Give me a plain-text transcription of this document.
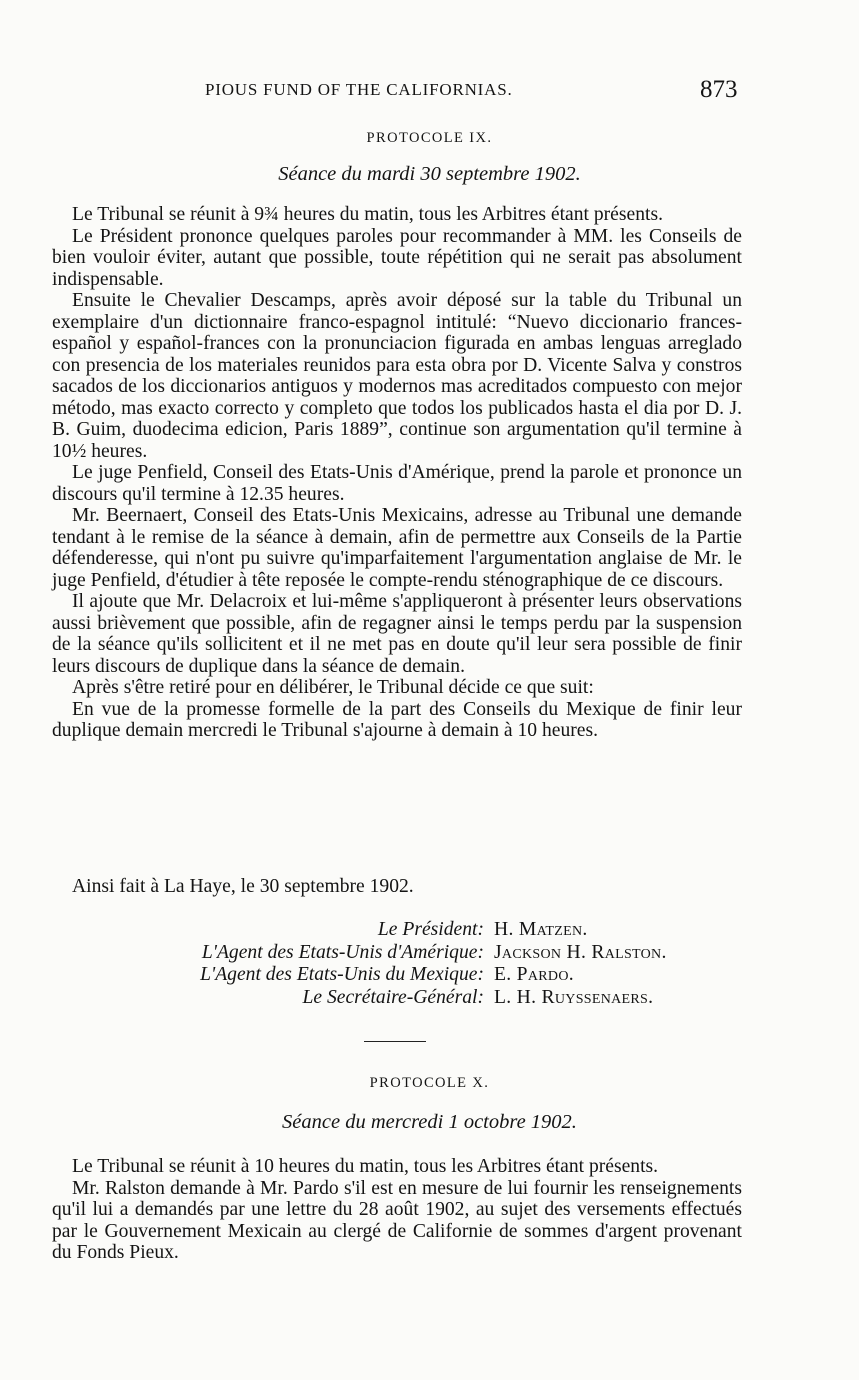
PIOUS FUND OF THE CALIFORNIAS.	873
PROTOCOLE IX.
Séance du mardi 30 septembre 1902.

Le Tribunal se réunit à 9¾ heures du matin, tous les Arbitres étant présents.

Le Président prononce quelques paroles pour recommander à MM. les Conseils de bien vouloir éviter, autant que possible, toute répétition qui ne serait pas absolument indispensable.

Ensuite le Chevalier Descamps, après avoir déposé sur la table du Tribunal un exemplaire d'un dictionnaire franco-espagnol intitulé: “Nuevo diccionario frances-español y español-frances con la pronunciacion figurada en ambas lenguas arreglado con presencia de los materiales reunidos para esta obra por D. Vicente Salva y constros sacados de los diccionarios antiguos y modernos mas acreditados compuesto con mejor método, mas exacto correcto y completo que todos los publicados hasta el dia por D. J. B. Guim, duodecima edicion, Paris 1889”, continue son argumentation qu'il termine à 10½ heures.

Le juge Penfield, Conseil des Etats-Unis d'Amérique, prend la parole et prononce un discours qu'il termine à 12.35 heures.

Mr. Beernaert, Conseil des Etats-Unis Mexicains, adresse au Tribunal une demande tendant à le remise de la séance à demain, afin de permettre aux Conseils de la Partie défenderesse, qui n'ont pu suivre qu'imparfaitement l'argumentation anglaise de Mr. le juge Penfield, d'étudier à tête reposée le compte-rendu sténographique de ce discours.

Il ajoute que Mr. Delacroix et lui-même s'appliqueront à présenter leurs observations aussi brièvement que possible, afin de regagner ainsi le temps perdu par la suspension de la séance qu'ils sollicitent et il ne met pas en doute qu'il leur sera possible de finir leurs discours de duplique dans la séance de demain.

Après s'être retiré pour en délibérer, le Tribunal décide ce que suit:

En vue de la promesse formelle de la part des Conseils du Mexique de finir leur duplique demain mercredi le Tribunal s'ajourne à demain à 10 heures.

Ainsi fait à La Haye, le 30 septembre 1902.

Le Président: H. Matzen.
L'Agent des Etats-Unis d'Amérique: Jackson H. Ralston.
L'Agent des Etats-Unis du Mexique: E. Pardo.
Le Secrétaire-Général: L. H. Ruyssenaers.
PROTOCOLE X.
Séance du mercredi 1 octobre 1902.

Le Tribunal se réunit à 10 heures du matin, tous les Arbitres étant présents.

Mr. Ralston demande à Mr. Pardo s'il est en mesure de lui fournir les renseignements qu'il lui a demandés par une lettre du 28 août 1902, au sujet des versements effectués par le Gouvernement Mexicain au clergé de Californie de sommes d'argent provenant du Fonds Pieux.
